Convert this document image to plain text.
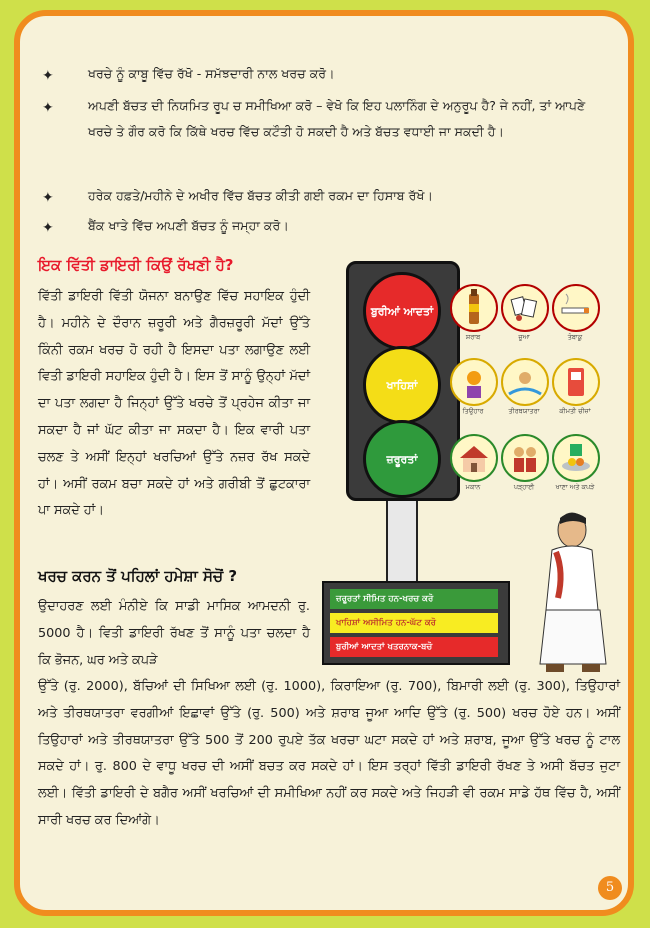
✦	ਖਰਚੇ ਨੂੰ ਕਾਬੂ ਵਿੱਚ ਰੱਖੋ - ਸਮੱਝਦਾਰੀ ਨਾਲ ਖਰਚ ਕਰੋ।
✦	ਅਪਣੀ ਬੱਚਤ ਦੀ ਨਿਯਮਿਤ ਰੂਪ ਚ ਸਮੀਖਿਆ ਕਰੋ – ਵੇਖੋ ਕਿ ਇਹ ਪਲਾਨਿੰਗ ਦੇ ਅਨੁਰੂਪ ਹੈ? ਜੇ ਨਹੀਂ, ਤਾਂ ਆਪਣੇ ਖਰਚੇ ਤੇ ਗੌਰ ਕਰੋ ਕਿ ਕਿੱਥੇ ਖਰਚ ਵਿੱਚ ਕਟੌਤੀ ਹੋ ਸਕਦੀ ਹੈ ਅਤੇ ਬੱਚਤ ਵਧਾਈ ਜਾ ਸਕਦੀ ਹੈ।
✦	ਹਰੇਕ ਹਫ਼ਤੇ/ਮਹੀਨੇ ਦੇ ਅਖੀਰ ਵਿੱਚ ਬੱਚਤ ਕੀਤੀ ਗਈ ਰਕਮ ਦਾ ਹਿਸਾਬ ਰੱਖੋ।
✦	ਬੈਂਕ ਖਾਤੇ ਵਿੱਚ ਅਪਣੀ ਬੱਚਤ ਨੂੰ ਜਮ੍ਹਾ ਕਰੋ।
ਇਕ ਵਿੱਤੀ ਡਾਇਰੀ ਕਿਉਂ ਰੱਖਣੀ ਹੈ?
ਵਿੱਤੀ ਡਾਇਰੀ ਵਿੱਤੀ ਯੋਜਨਾ ਬਨਾਉਣ ਵਿੱਚ ਸਹਾਇਕ ਹੁੰਦੀ ਹੈ। ਮਹੀਨੇ ਦੇ ਦੌਰਾਨ ਜ਼ਰੂਰੀ ਅਤੇ ਗੈਰਜ਼ਰੂਰੀ ਮੱਦਾਂ ਉੱਤੇ ਕਿੰਨੀ ਰਕਮ ਖਰਚ ਹੋ ਰਹੀ ਹੈ ਇਸਦਾ ਪਤਾ ਲਗਾਉਣ ਲਈ ਵਿਤੀ ਡਾਇਰੀ ਸਹਾਇਕ ਹੁੰਦੀ ਹੈ। ਇਸ ਤੋਂ ਸਾਨੂੰ ਉਨ੍ਹਾਂ ਮੱਦਾਂ ਦਾ ਪਤਾ ਲਗਦਾ ਹੈ ਜਿਨ੍ਹਾਂ ਉੱਤੇ ਖਰਚੇ ਤੋਂ ਪ੍ਰਹੇਜ ਕੀਤਾ ਜਾ ਸਕਦਾ ਹੈ ਜਾਂ ਘੱਟ ਕੀਤਾ ਜਾ ਸਕਦਾ ਹੈ। ਇਕ ਵਾਰੀ ਪਤਾ ਚਲਣ ਤੇ ਅਸੀਂ ਇਨ੍ਹਾਂ ਖਰਚਿਆਂ ਉੱਤੇ ਨਜ਼ਰ ਰੱਖ ਸਕਦੇ ਹਾਂ। ਅਸੀਂ ਰਕਮ ਬਚਾ ਸਕਦੇ ਹਾਂ ਅਤੇ ਗਰੀਬੀ ਤੋਂ ਛੁਟਕਾਰਾ ਪਾ ਸਕਦੇ ਹਾਂ।
ਖਰਚ ਕਰਨ ਤੋਂ ਪਹਿਲਾਂ ਹਮੇਸ਼ਾ ਸੋਚੋਂ ?
ਉਦਾਹਰਣ ਲਈ ਮੰਨੀਏ ਕਿ ਸਾਡੀ ਮਾਸਿਕ ਆਮਦਨੀ ਰੁ. 5000 ਹੈ। ਵਿਤੀ ਡਾਇਰੀ ਰੱਖਣ ਤੋਂ ਸਾਨੂੰ ਪਤਾ ਚਲਦਾ ਹੈ ਕਿ ਭੋਜਨ, ਘਰ ਅਤੇ ਕਪੜੇ
ਉੱਤੇ (ਰੁ. 2000), ਬੱਚਿਆਂ ਦੀ ਸਿਖਿਆ ਲਈ (ਰੁ. 1000), ਕਿਰਾਇਆ (ਰੁ. 700), ਬਿਮਾਰੀ ਲਈ (ਰੁ. 300), ਤਿਉਹਾਰਾਂ ਅਤੇ ਤੀਰਥਯਾਤਰਾ ਵਰਗੀਆਂ ਇਛਾਵਾਂ ਉੱਤੇ (ਰੁ. 500) ਅਤੇ ਸ਼ਰਾਬ ਜੂਆ ਆਦਿ ਉੱਤੇ (ਰੁ. 500) ਖਰਚ ਹੋਏ ਹਨ। ਅਸੀਂ ਤਿਉਹਾਰਾਂ ਅਤੇ ਤੀਰਥਯਾਤਰਾ ਉੱਤੇ 500 ਤੋਂ 200 ਰੁਪਏ ਤੱਕ ਖਰਚਾ ਘਟਾ ਸਕਦੇ ਹਾਂ ਅਤੇ ਸ਼ਰਾਬ, ਜੂਆ ਉੱਤੇ ਖਰਚ ਨੂੰ ਟਾਲ ਸਕਦੇ ਹਾਂ। ਰੁ. 800 ਦੇ ਵਾਧੂ ਖਰਚ ਦੀ ਅਸੀਂ ਬਚਤ ਕਰ ਸਕਦੇ ਹਾਂ। ਇਸ ਤਰ੍ਹਾਂ ਵਿੱਤੀ ਡਾਇਰੀ ਰੱਖਣ ਤੇ ਅਸੀ ਬੱਚਤ ਜੁਟਾ ਲਈ। ਵਿੱਤੀ ਡਾਇਰੀ ਦੇ ਬਗੈਰ ਅਸੀਂ ਖਰਚਿਆਂ ਦੀ ਸਮੀਖਿਆ ਨਹੀਂ ਕਰ ਸਕਦੇ ਅਤੇ ਜਿਹੜੀ ਵੀ ਰਕਮ ਸਾਡੇ ਹੱਥ ਵਿੱਚ ਹੈ, ਅਸੀਂ ਸਾਰੀ ਖਰਚ ਕਰ ਦਿਆਂਗੇ।
ਬੁਰੀਆਂ ਆਦਤਾਂ
ਖਾਹਿਸ਼ਾਂ
ਜ਼ਰੂਰਤਾਂ
ਸ਼ਰਾਬ	ਜੂਆ	ਤੰਬਾਕੂ
ਤਿਉਹਾਰ	ਤੀਰਥਯਾਤਰਾ	ਕੀਮਤੀ ਚੀਜ਼ਾਂ
ਮਕਾਨ	ਪੜ੍ਹਾਈ	ਖਾਣਾ ਅਤੇ ਕਪੜੇ
ਜ਼ਰੂਰਤਾਂ ਸੀਮਿਤ ਹਨ-ਖਰਚ ਕਰੋ
ਖਾਹਿਸ਼ਾਂ ਅਸੀਮਿਤ ਹਨ-ਘੱਟ ਕਰੋ
ਬੁਰੀਆਂ ਆਦਤਾਂ ਖਤਰਨਾਕ-ਬਚੋ
5
